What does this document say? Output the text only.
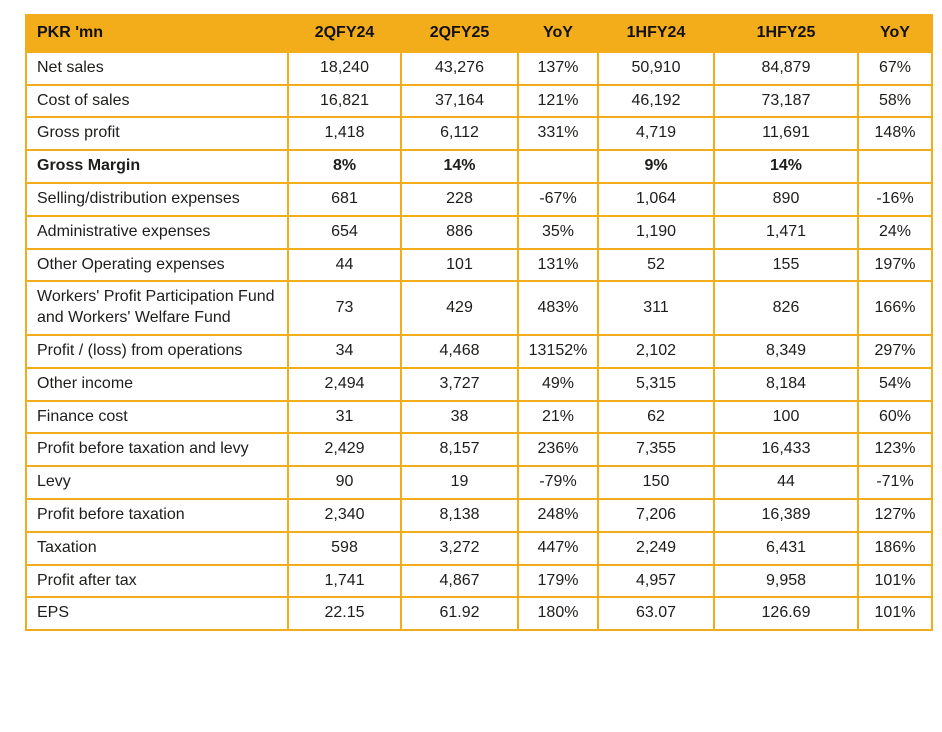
PKR 'mn	2QFY24	2QFY25	YoY	1HFY24	1HFY25	YoY
Net sales	18,240	43,276	137%	50,910	84,879	67%
Cost of sales	16,821	37,164	121%	46,192	73,187	58%
Gross profit	1,418	6,112	331%	4,719	11,691	148%
Gross Margin	8%	14%		9%	14%	
Selling/distribution expenses	681	228	-67%	1,064	890	-16%
Administrative expenses	654	886	35%	1,190	1,471	24%
Other Operating expenses	44	101	131%	52	155	197%
Workers' Profit Participation Fund and Workers' Welfare Fund	73	429	483%	311	826	166%
Profit / (loss) from operations	34	4,468	13152%	2,102	8,349	297%
Other income	2,494	3,727	49%	5,315	8,184	54%
Finance cost	31	38	21%	62	100	60%
Profit before taxation and levy	2,429	8,157	236%	7,355	16,433	123%
Levy	90	19	-79%	150	44	-71%
Profit before taxation	2,340	8,138	248%	7,206	16,389	127%
Taxation	598	3,272	447%	2,249	6,431	186%
Profit after tax	1,741	4,867	179%	4,957	9,958	101%
EPS	22.15	61.92	180%	63.07	126.69	101%
